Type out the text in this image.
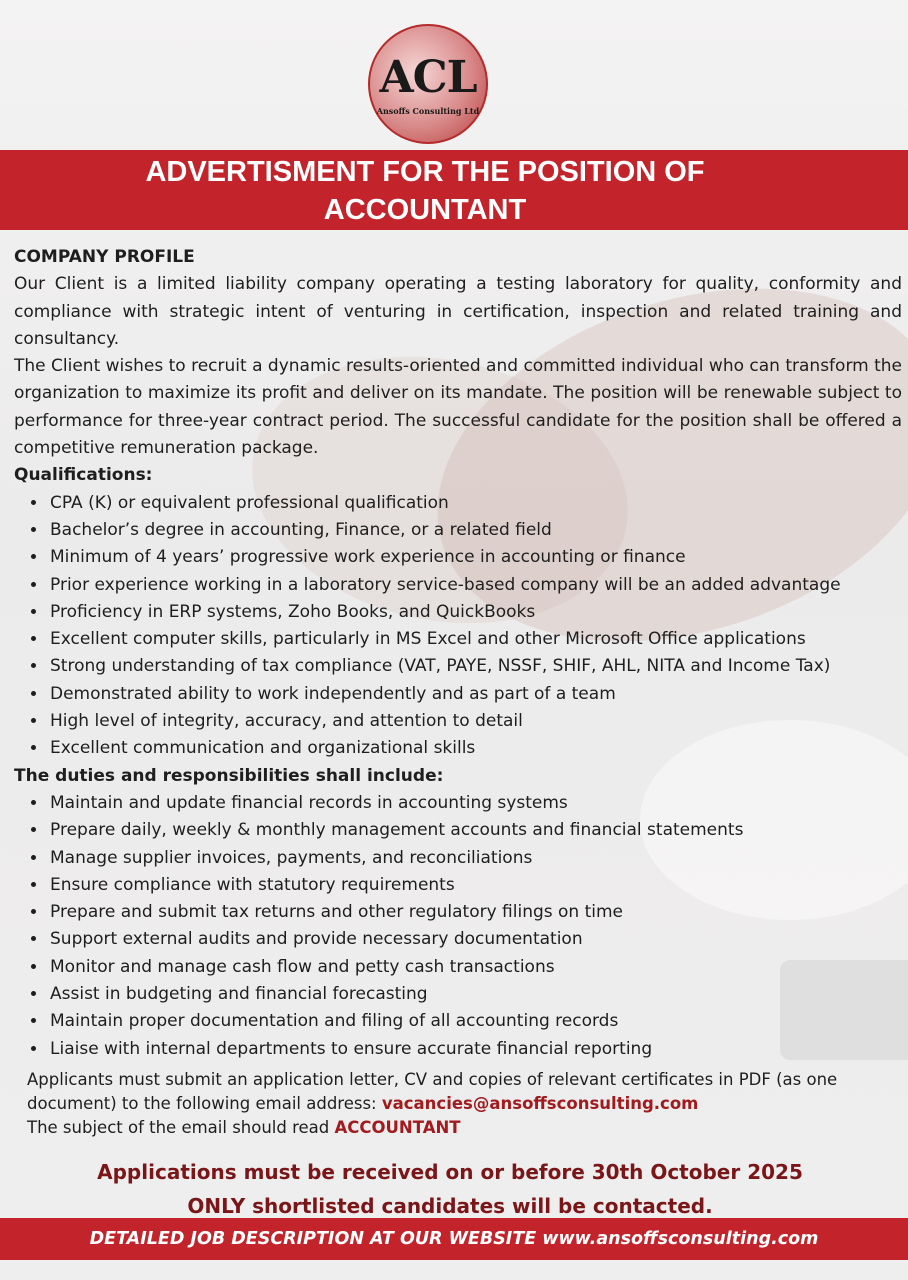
ACL
Ansoffs Consulting Ltd
ADVERTISMENT FOR THE POSITION OF
ACCOUNTANT
COMPANY PROFILE

Our Client is a limited liability company operating a testing laboratory for quality, conformity and compliance with strategic intent of venturing in certification, inspection and related training and consultancy.

The Client wishes to recruit a dynamic results-oriented and committed individual who can transform the organization to maximize its profit and deliver on its mandate. The position will be renewable subject to performance for three-year contract period. The successful candidate for the position shall be offered a competitive remuneration package.

Qualifications:
• CPA (K) or equivalent professional qualification
• Bachelor’s degree in accounting, Finance, or a related field
• Minimum of 4 years’ progressive work experience in accounting or finance
• Prior experience working in a laboratory service-based company will be an added advantage
• Proficiency in ERP systems, Zoho Books, and QuickBooks
• Excellent computer skills, particularly in MS Excel and other Microsoft Office applications
• Strong understanding of tax compliance (VAT, PAYE, NSSF, SHIF, AHL, NITA and Income Tax)
• Demonstrated ability to work independently and as part of a team
• High level of integrity, accuracy, and attention to detail
• Excellent communication and organizational skills
The duties and responsibilities shall include:
• Maintain and update financial records in accounting systems
• Prepare daily, weekly & monthly management accounts and financial statements
• Manage supplier invoices, payments, and reconciliations
• Ensure compliance with statutory requirements
• Prepare and submit tax returns and other regulatory filings on time
• Support external audits and provide necessary documentation
• Monitor and manage cash flow and petty cash transactions
• Assist in budgeting and financial forecasting
• Maintain proper documentation and filing of all accounting records
• Liaise with internal departments to ensure accurate financial reporting
Applicants must submit an application letter, CV and copies of relevant certificates in PDF (as one document) to the following email address: vacancies@ansoffsconsulting.com
The subject of the email should read ACCOUNTANT
Applications must be received on or before 30th October 2025
ONLY shortlisted candidates will be contacted.
DETAILED JOB DESCRIPTION AT OUR WEBSITE www.ansoffsconsulting.com
